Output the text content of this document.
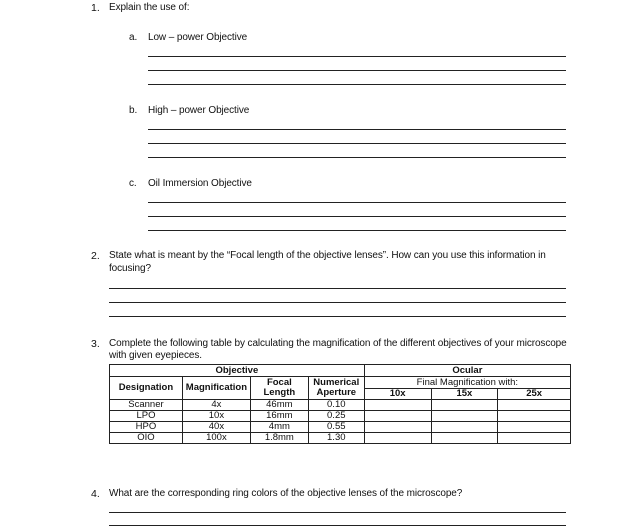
1. Explain the use of:
a. Low – power Objective
b. High – power Objective
c. Oil Immersion Objective
2. State what is meant by the “Focal length of the objective lenses”. How can you use this information in
focusing?
3. Complete the following table by calculating the magnification of the different objectives of your microscope
with given eyepieces.
Objective				Ocular		
Designation	Magnification	Focal Length	Numerical Aperture	Final Magnification with:		
				10x	15x	25x
Scanner	4x	46mm	0.10			
LPO	10x	16mm	0.25			
HPO	40x	4mm	0.55			
OIO	100x	1.8mm	1.30			
4. What are the corresponding ring colors of the objective lenses of the microscope?
